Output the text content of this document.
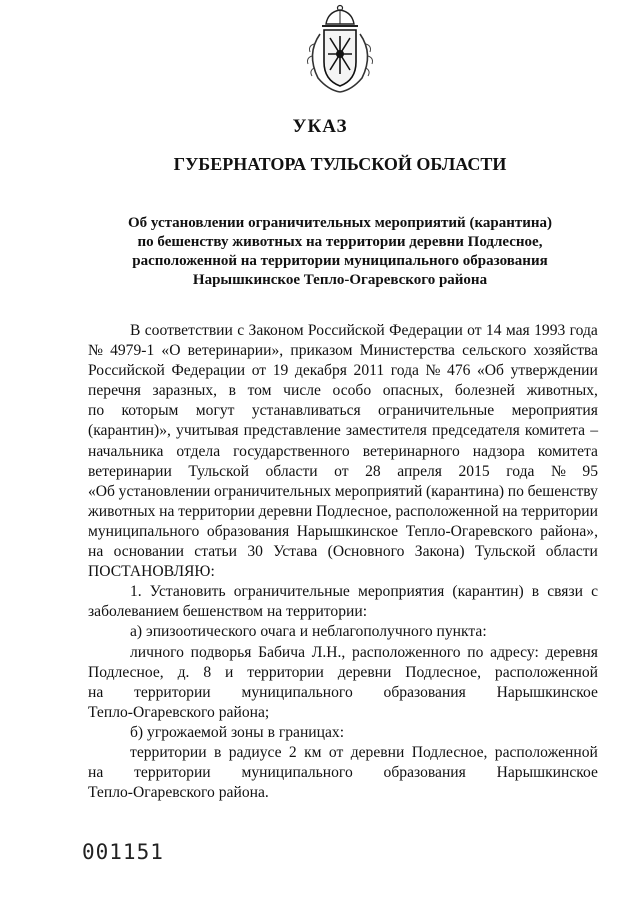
УКАЗ
ГУБЕРНАТОРА ТУЛЬСКОЙ ОБЛАСТИ
Об установлении ограничительных мероприятий (карантина)
по бешенству животных на территории деревни Подлесное,
расположенной на территории муниципального образования
Нарышкинское Тепло-Огаревского района
В соответствии с Законом Российской Федерации от 14 мая 1993 года
№ 4979-1 «О ветеринарии», приказом Министерства сельского хозяйства
Российской Федерации от 19 декабря 2011 года № 476 «Об утверждении
перечня заразных, в том числе особо опасных, болезней животных,
по которым могут устанавливаться ограничительные мероприятия
(карантин)», учитывая представление заместителя председателя комитета –
начальника отдела государственного ветеринарного надзора комитета
ветеринарии Тульской области от 28 апреля 2015 года № 95
«Об установлении ограничительных мероприятий (карантина) по бешенству
животных на территории деревни Подлесное, расположенной на территории
муниципального образования Нарышкинское Тепло-Огаревского района»,
на основании статьи 30 Устава (Основного Закона) Тульской области
ПОСТАНОВЛЯЮ:
1. Установить ограничительные мероприятия (карантин) в связи с
заболеванием бешенством на территории:
а) эпизоотического очага и неблагополучного пункта:
личного подворья Бабича Л.Н., расположенного по адресу: деревня
Подлесное, д. 8 и территории деревни Подлесное, расположенной
на территории муниципального образования Нарышкинское
Тепло-Огаревского района;
б) угрожаемой зоны в границах:
территории в радиусе 2 км от деревни Подлесное, расположенной
на территории муниципального образования Нарышкинское
Тепло-Огаревского района.
001151
